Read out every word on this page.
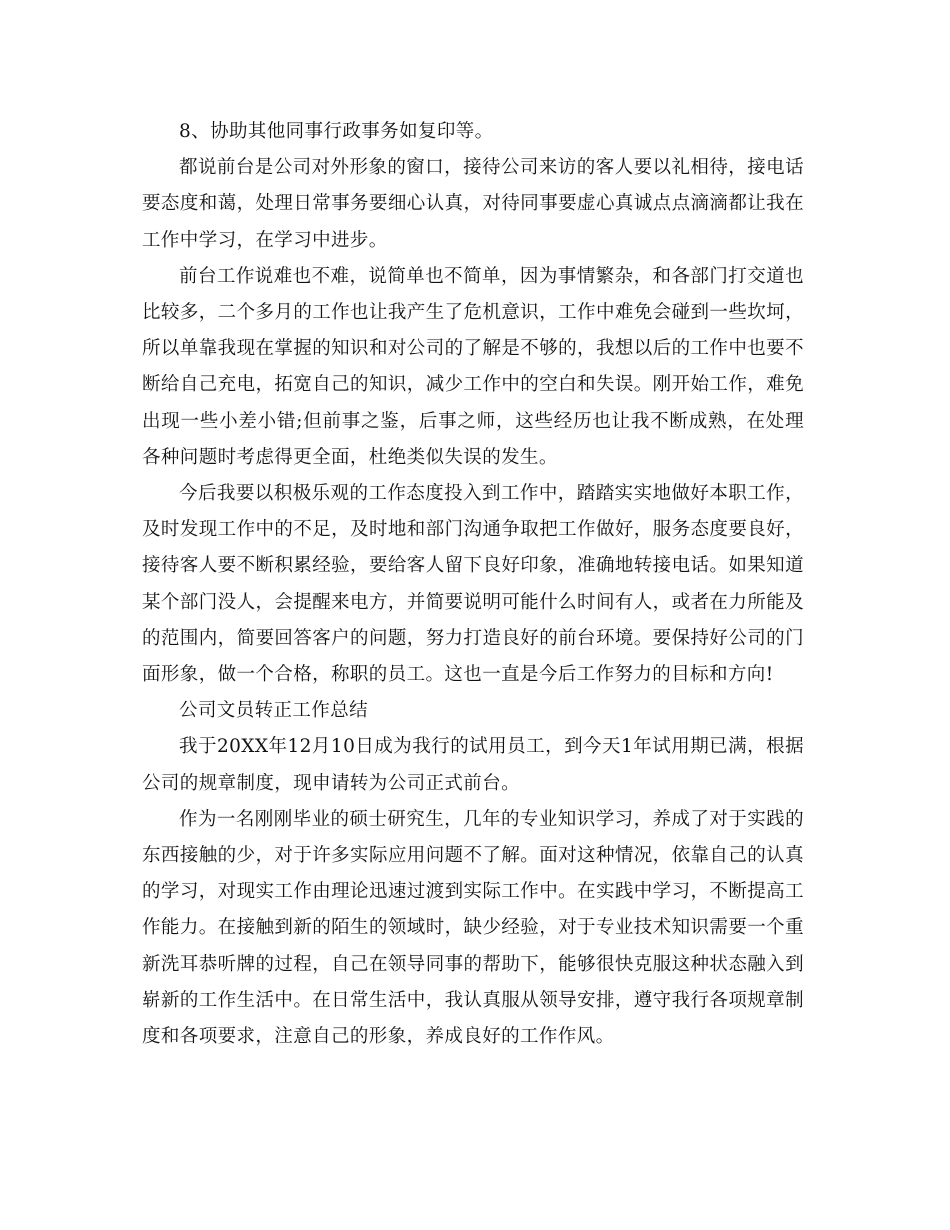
8、协助其他同事行政事务如复印等。

都说前台是公司对外形象的窗口，接待公司来访的客人要以礼相待，接电话要态度和蔼，处理日常事务要细心认真，对待同事要虚心真诚点点滴滴都让我在工作中学习，在学习中进步。

前台工作说难也不难，说简单也不简单，因为事情繁杂，和各部门打交道也比较多，二个多月的工作也让我产生了危机意识，工作中难免会碰到一些坎坷，所以单靠我现在掌握的知识和对公司的了解是不够的，我想以后的工作中也要不断给自己充电，拓宽自己的知识，减少工作中的空白和失误。刚开始工作，难免出现一些小差小错;但前事之鉴，后事之师，这些经历也让我不断成熟，在处理各种问题时考虑得更全面，杜绝类似失误的发生。

今后我要以积极乐观的工作态度投入到工作中，踏踏实实地做好本职工作，及时发现工作中的不足，及时地和部门沟通争取把工作做好，服务态度要良好，接待客人要不断积累经验，要给客人留下良好印象，准确地转接电话。如果知道某个部门没人，会提醒来电方，并简要说明可能什么时间有人，或者在力所能及的范围内，简要回答客户的问题，努力打造良好的前台环境。要保持好公司的门面形象，做一个合格，称职的员工。这也一直是今后工作努力的目标和方向!

公司文员转正工作总结

我于20XX年12月10日成为我行的试用员工，到今天1年试用期已满，根据公司的规章制度，现申请转为公司正式前台。

作为一名刚刚毕业的硕士研究生，几年的专业知识学习，养成了对于实践的东西接触的少，对于许多实际应用问题不了解。面对这种情况，依靠自己的认真的学习，对现实工作由理论迅速过渡到实际工作中。在实践中学习，不断提高工作能力。在接触到新的陌生的领域时，缺少经验，对于专业技术知识需要一个重新洗耳恭听牌的过程，自己在领导同事的帮助下，能够很快克服这种状态融入到崭新的工作生活中。在日常生活中，我认真服从领导安排，遵守我行各项规章制度和各项要求，注意自己的形象，养成良好的工作作风。
